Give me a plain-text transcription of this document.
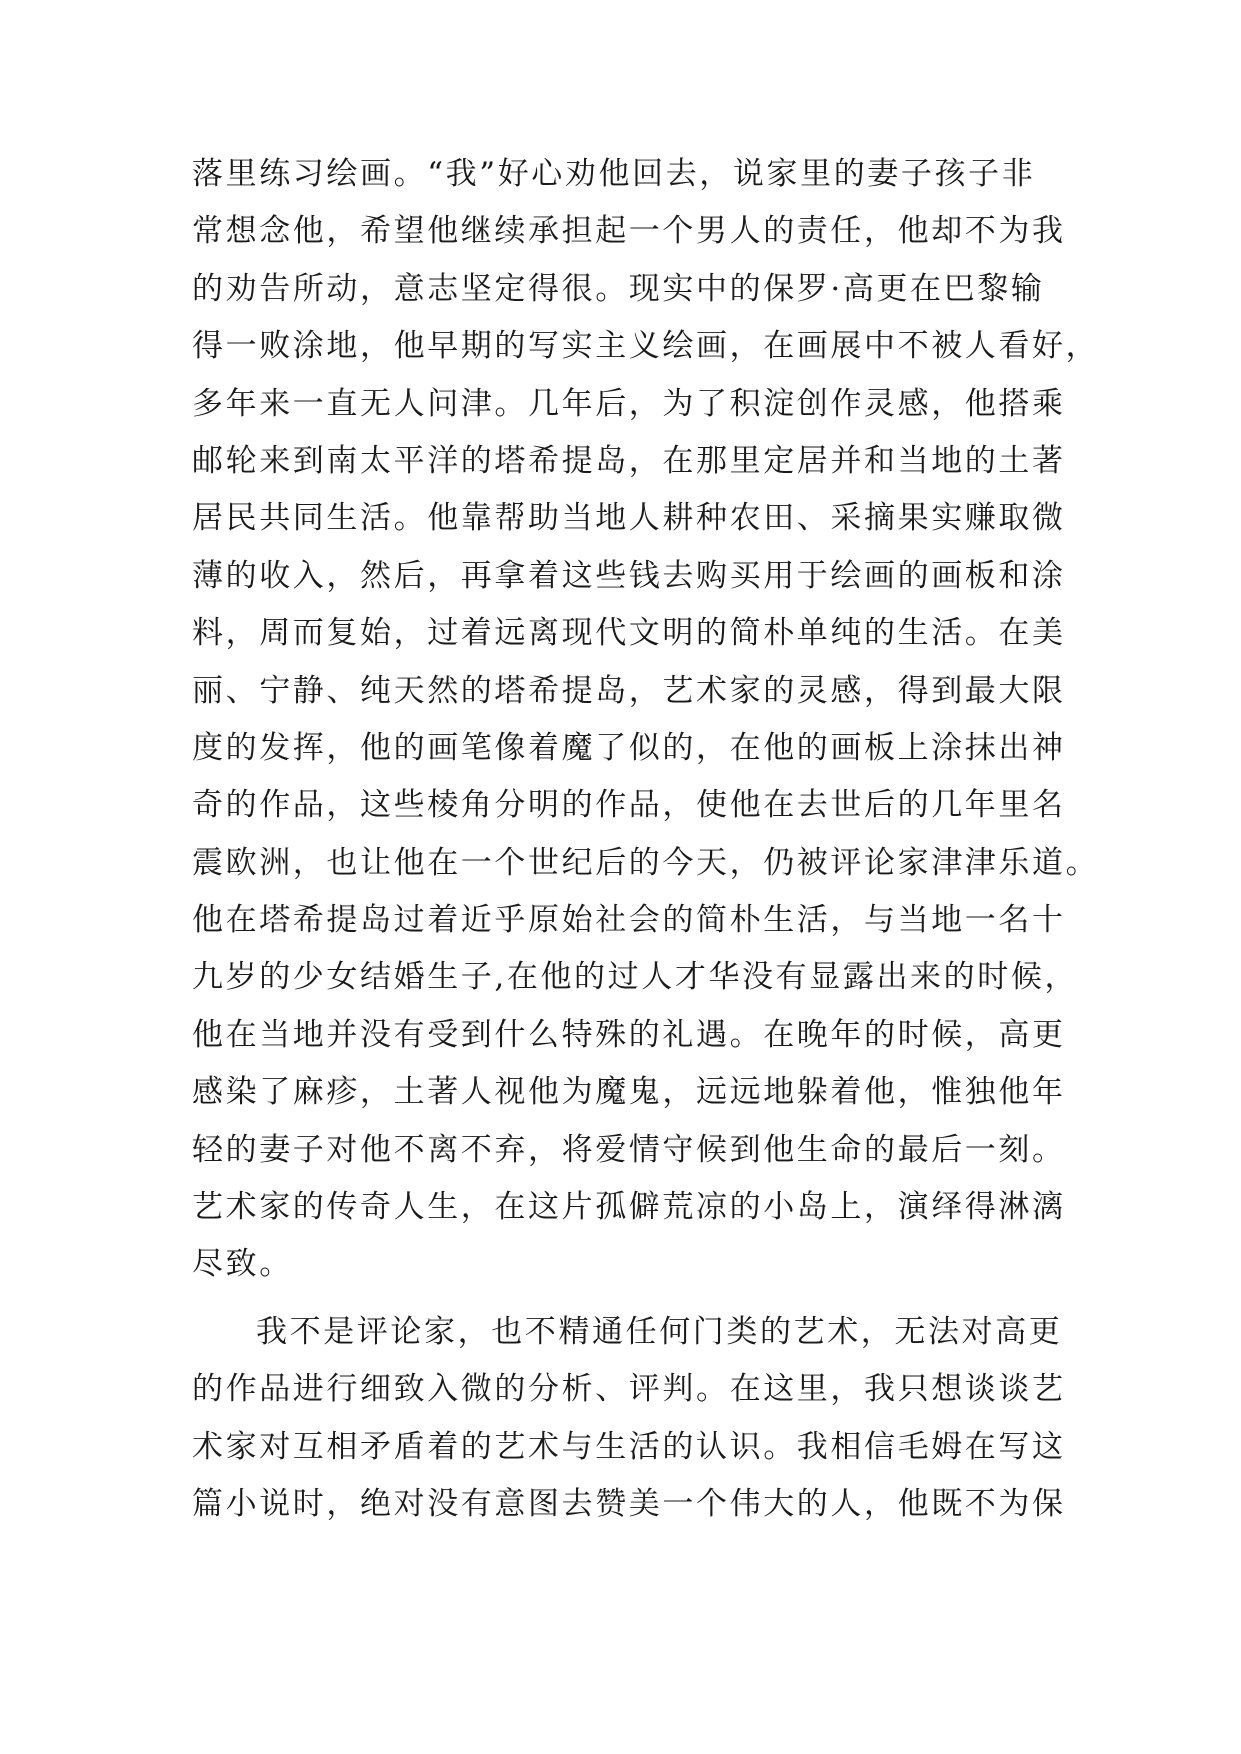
落里练习绘画。“我”好心劝他回去，说家里的妻子孩子非
常想念他，希望他继续承担起一个男人的责任，他却不为我
的劝告所动，意志坚定得很。现实中的保罗·高更在巴黎输
得一败涂地，他早期的写实主义绘画，在画展中不被人看好，
多年来一直无人问津。几年后，为了积淀创作灵感，他搭乘
邮轮来到南太平洋的塔希提岛，在那里定居并和当地的土著
居民共同生活。他靠帮助当地人耕种农田、采摘果实赚取微
薄的收入，然后，再拿着这些钱去购买用于绘画的画板和涂
料，周而复始，过着远离现代文明的简朴单纯的生活。在美
丽、宁静、纯天然的塔希提岛，艺术家的灵感，得到最大限
度的发挥，他的画笔像着魔了似的，在他的画板上涂抹出神
奇的作品，这些棱角分明的作品，使他在去世后的几年里名
震欧洲，也让他在一个世纪后的今天，仍被评论家津津乐道。
他在塔希提岛过着近乎原始社会的简朴生活，与当地一名十
九岁的少女结婚生子,在他的过人才华没有显露出来的时候，
他在当地并没有受到什么特殊的礼遇。在晚年的时候，高更
感染了麻疹，土著人视他为魔鬼，远远地躲着他，惟独他年
轻的妻子对他不离不弃，将爱情守候到他生命的最后一刻。
艺术家的传奇人生，在这片孤僻荒凉的小岛上，演绎得淋漓
尽致。
我不是评论家，也不精通任何门类的艺术，无法对高更
的作品进行细致入微的分析、评判。在这里，我只想谈谈艺
术家对互相矛盾着的艺术与生活的认识。我相信毛姆在写这
篇小说时，绝对没有意图去赞美一个伟大的人，他既不为保
